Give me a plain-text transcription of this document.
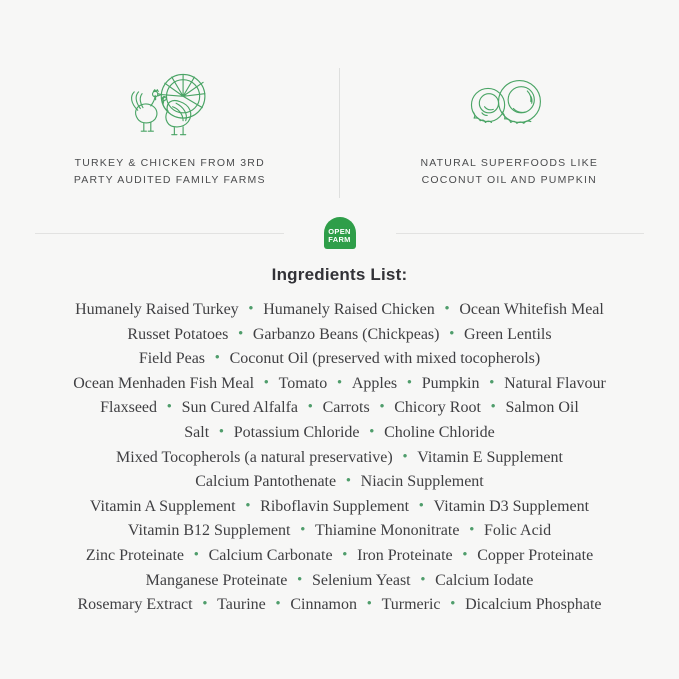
TURKEY & CHICKEN FROM 3RD
PARTY AUDITED FAMILY FARMS
NATURAL SUPERFOODS LIKE
COCONUT OIL AND PUMPKIN
OPEN
FARM
Ingredients List:
Humanely Raised Turkey • Humanely Raised Chicken • Ocean Whitefish Meal
Russet Potatoes • Garbanzo Beans (Chickpeas) • Green Lentils
Field Peas • Coconut Oil (preserved with mixed tocopherols)
Ocean Menhaden Fish Meal • Tomato • Apples • Pumpkin • Natural Flavour
Flaxseed • Sun Cured Alfalfa • Carrots • Chicory Root • Salmon Oil
Salt • Potassium Chloride • Choline Chloride
Mixed Tocopherols (a natural preservative) • Vitamin E Supplement
Calcium Pantothenate • Niacin Supplement
Vitamin A Supplement • Riboflavin Supplement • Vitamin D3 Supplement
Vitamin B12 Supplement • Thiamine Mononitrate • Folic Acid
Zinc Proteinate • Calcium Carbonate • Iron Proteinate • Copper Proteinate
Manganese Proteinate • Selenium Yeast • Calcium Iodate
Rosemary Extract • Taurine • Cinnamon • Turmeric • Dicalcium Phosphate
